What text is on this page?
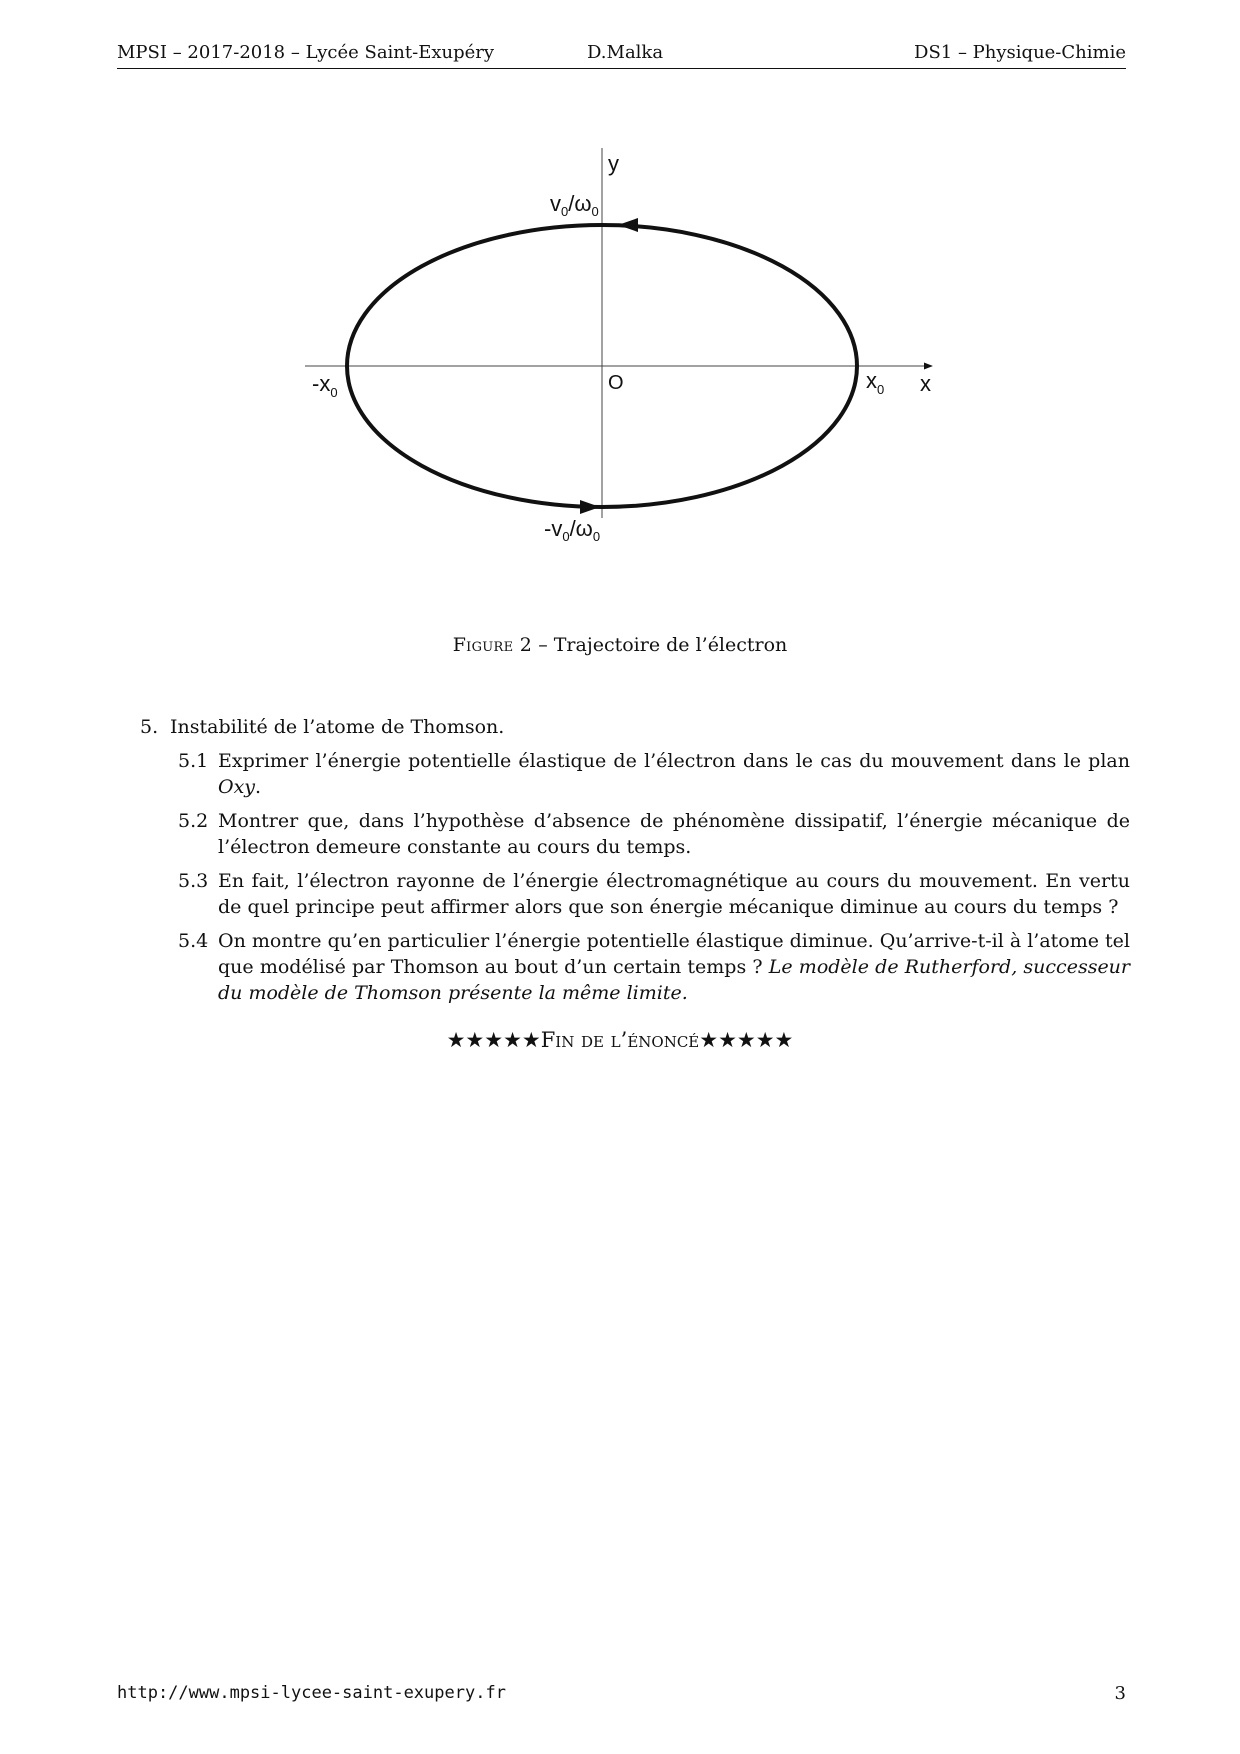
MPSI – 2017-2018 – Lycée Saint-Exupéry	D.Malka	DS1 – Physique-Chimie
y
x
O
$v_0/\omega_0$
$-v_0/\omega_0$
$-x_0$	$x_0$
Figure 2 – Trajectoire de l’électron
5. Instabilité de l’atome de Thomson.
5.1 Exprimer l’énergie potentielle élastique de l’électron dans le cas du mouvement dans le plan Oxy.
5.2 Montrer que, dans l’hypothèse d’absence de phénomène dissipatif, l’énergie mécanique de l’électron demeure constante au cours du temps.
5.3 En fait, l’électron rayonne de l’énergie électromagnétique au cours du mouvement. En vertu de quel principe peut affirmer alors que son énergie mécanique diminue au cours du temps ?
5.4 On montre qu’en particulier l’énergie potentielle élastique diminue. Qu’arrive-t-il à l’atome tel que modélisé par Thomson au bout d’un certain temps ? Le modèle de Rutherford, successeur du modèle de Thomson présente la même limite.
★★★★★Fin de l’énoncé★★★★★
http://www.mpsi-lycee-saint-exupery.fr	3
